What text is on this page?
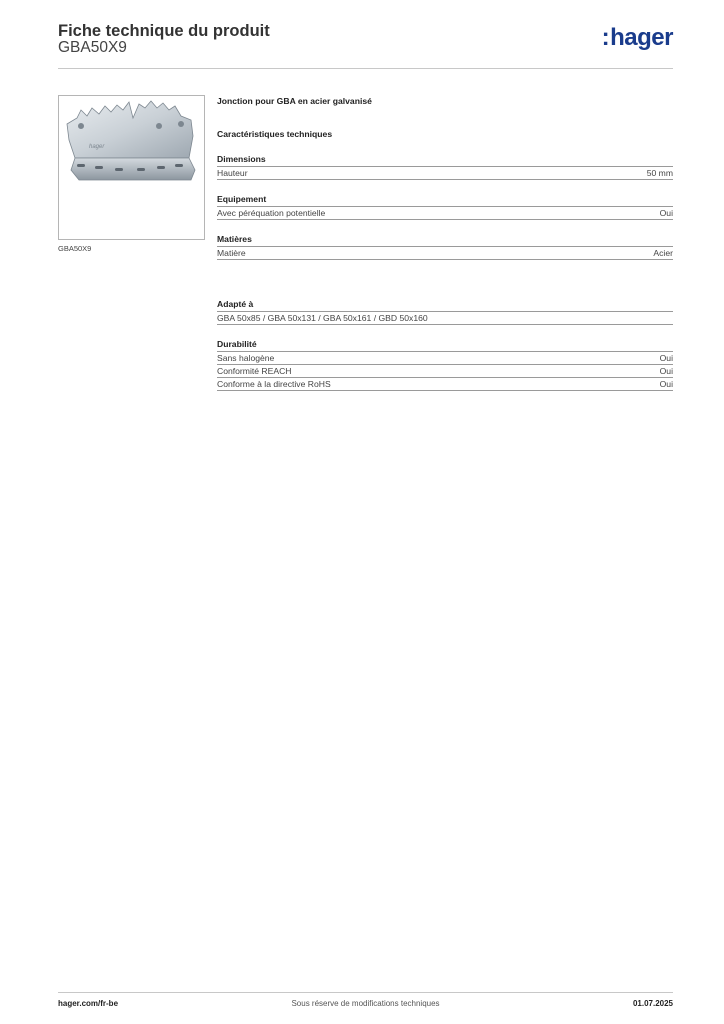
Fiche technique du produit
GBA50X9	:hager
hager
GBA50X9
Jonction pour GBA en acier galvanisé
Caractéristiques techniques
Dimensions
Hauteur	50 mm
Equipement
Avec péréquation potentielle	Oui
Matières
Matière	Acier
Adapté à
GBA 50x85 / GBA 50x131 / GBA 50x161 / GBD 50x160
Durabilité
Sans halogène	Oui
Conformité REACH	Oui
Conforme à la directive RoHS	Oui
hager.com/fr-be	Sous réserve de modifications techniques	01.07.2025
